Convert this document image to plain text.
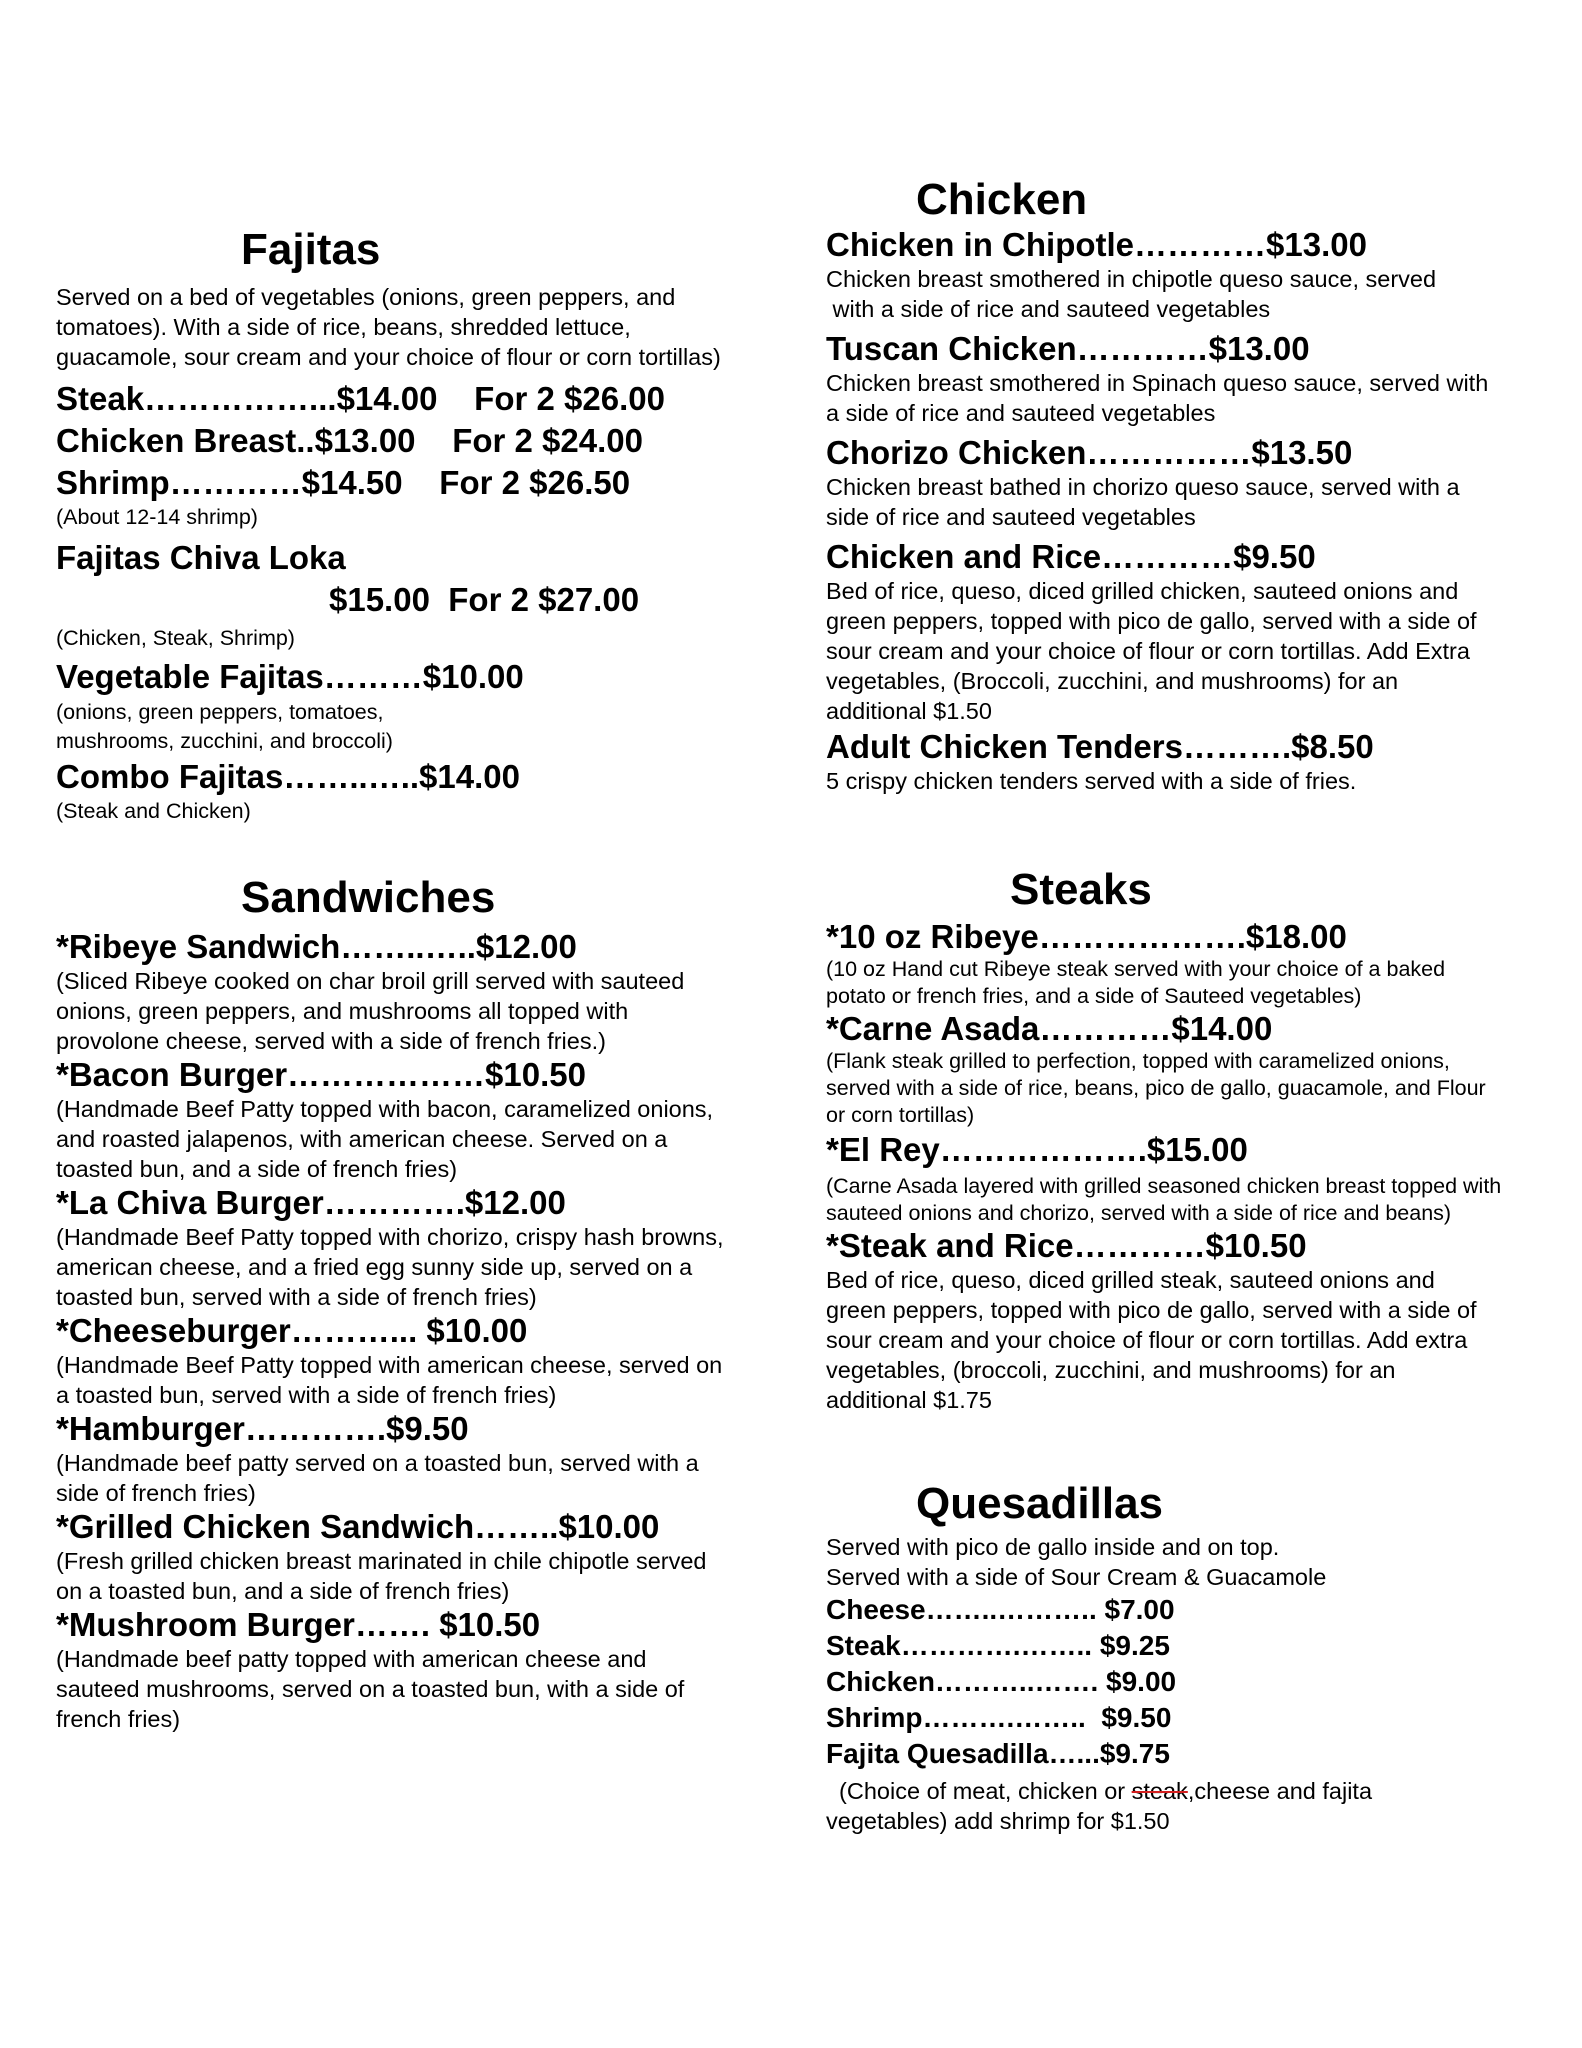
Fajitas

Served on a bed of vegetables (onions, green peppers, and

tomatoes). With a side of rice, beans, shredded lettuce,

guacamole, sour cream and your choice of flour or corn tortillas)

Steak……………...$14.00    For 2 $26.00

Chicken Breast..$13.00    For 2 $24.00

Shrimp…………$14.50    For 2 $26.50

(About 12-14 shrimp)

Fajitas Chiva Loka

$15.00  For 2 $27.00

(Chicken, Steak, Shrimp)

Vegetable Fajitas………$10.00

(onions, green peppers, tomatoes,

mushrooms, zucchini, and broccoli)

Combo Fajitas……..…..$14.00

(Steak and Chicken)

Sandwiches

*Ribeye Sandwich……..…..$12.00

(Sliced Ribeye cooked on char broil grill served with sauteed

onions, green peppers, and mushrooms all topped with

provolone cheese, served with a side of french fries.)

*Bacon Burger………………$10.50

(Handmade Beef Patty topped with bacon, caramelized onions,

and roasted jalapenos, with american cheese. Served on a

toasted bun, and a side of french fries)

*La Chiva Burger………….$12.00

(Handmade Beef Patty topped with chorizo, crispy hash browns,

american cheese, and a fried egg sunny side up, served on a

toasted bun, served with a side of french fries)

*Cheeseburger………... $10.00

(Handmade Beef Patty topped with american cheese, served on

a toasted bun, served with a side of french fries)

*Hamburger………….$9.50

(Handmade beef patty served on a toasted bun, served with a

side of french fries)

*Grilled Chicken Sandwich……..$10.00

(Fresh grilled chicken breast marinated in chile chipotle served

on a toasted bun, and a side of french fries)

*Mushroom Burger……. $10.50

(Handmade beef patty topped with american cheese and

sauteed mushrooms, served on a toasted bun, with a side of

french fries)

Chicken

Chicken in Chipotle…………$13.00

Chicken breast smothered in chipotle queso sauce, served

with a side of rice and sauteed vegetables

Tuscan Chicken…………$13.00

Chicken breast smothered in Spinach queso sauce, served with

a side of rice and sauteed vegetables

Chorizo Chicken……………$13.50

Chicken breast bathed in chorizo queso sauce, served with a

side of rice and sauteed vegetables

Chicken and Rice…………$9.50

Bed of rice, queso, diced grilled chicken, sauteed onions and

green peppers, topped with pico de gallo, served with a side of

sour cream and your choice of flour or corn tortillas. Add Extra

vegetables, (Broccoli, zucchini, and mushrooms) for an

additional $1.50

Adult Chicken Tenders……….$8.50

5 crispy chicken tenders served with a side of fries.

Steaks

*10 oz Ribeye……………….$18.00

(10 oz Hand cut Ribeye steak served with your choice of a baked

potato or french fries, and a side of Sauteed vegetables)

*Carne Asada…………$14.00

(Flank steak grilled to perfection, topped with caramelized onions,

served with a side of rice, beans, pico de gallo, guacamole, and Flour

or corn tortillas)

*El Rey……………….$15.00

(Carne Asada layered with grilled seasoned chicken breast topped with

sauteed onions and chorizo, served with a side of rice and beans)

*Steak and Rice…………$10.50

Bed of rice, queso, diced grilled steak, sauteed onions and

green peppers, topped with pico de gallo, served with a side of

sour cream and your choice of flour or corn tortillas. Add extra

vegetables, (broccoli, zucchini, and mushrooms) for an

additional $1.75

Quesadillas

Served with pico de gallo inside and on top.

Served with a side of Sour Cream & Guacamole

Cheese……..……….. $7.00

Steak………….…….. $9.25

Chicken………..……. $9.00

Shrimp……….……..  $9.50

Fajita Quesadilla…...$9.75

(Choice of meat, chicken or steak,cheese and fajita

vegetables) add shrimp for $1.50
